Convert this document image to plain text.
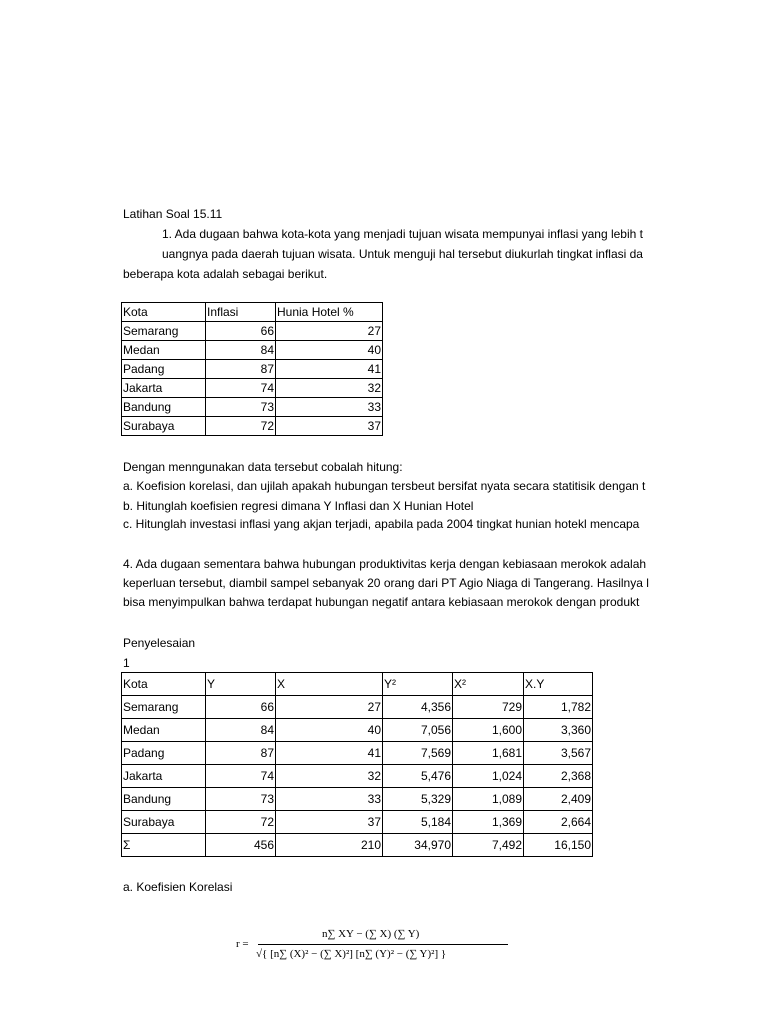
Latihan Soal 15.11
1. Ada dugaan bahwa kota-kota yang menjadi tujuan wisata mempunyai inflasi yang lebih t
uangnya pada daerah tujuan wisata. Untuk menguji hal tersebut diukurlah tingkat inflasi da
beberapa kota adalah sebagai berikut.
Kota	Inflasi	Hunia Hotel %
Semarang	66	27
Medan	84	40
Padang	87	41
Jakarta	74	32
Bandung	73	33
Surabaya	72	37
Dengan menngunakan data tersebut cobalah hitung:
a. Koefision korelasi, dan ujilah apakah hubungan tersbeut bersifat nyata secara statitisik dengan t
b. Hitunglah koefisien regresi dimana Y Inflasi dan X Hunian Hotel
c. Hitunglah investasi inflasi yang akjan terjadi, apabila pada 2004 tingkat hunian hotekl mencapa
4. Ada dugaan sementara bahwa hubungan produktivitas kerja dengan kebiasaan merokok adalah
keperluan tersebut, diambil sampel sebanyak 20 orang dari PT Agio Niaga di Tangerang. Hasilnya l
bisa menyimpulkan bahwa terdapat hubungan negatif antara kebiasaan merokok dengan produkt
Penyelesaian
1
Kota	Y	X	Y²	X²	X.Y
Semarang	66	27	4,356	729	1,782
Medan	84	40	7,056	1,600	3,360
Padang	87	41	7,569	1,681	3,567
Jakarta	74	32	5,476	1,024	2,368
Bandung	73	33	5,329	1,089	2,409
Surabaya	72	37	5,184	1,369	2,664
Σ	456	210	34,970	7,492	16,150
a. Koefisien Korelasi
r =
n∑ XY − (∑ X) (∑ Y)
√{ [n∑ (X)² − (∑ X)²] [n∑ (Y)² − (∑ Y)²] }
